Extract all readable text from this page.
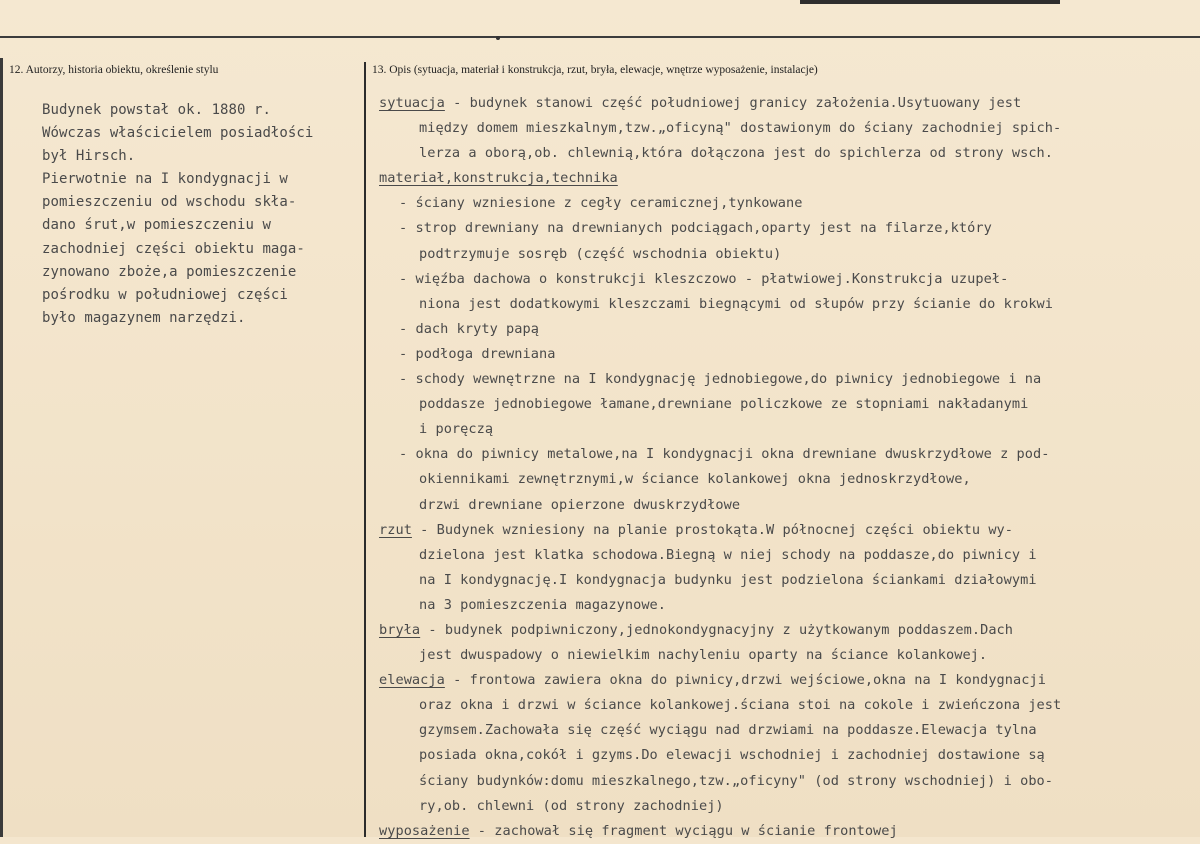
12. Autorzy, historia obiektu, określenie stylu	13. Opis (sytuacja, materiał i konstrukcja, rzut, bryła, elewacje, wnętrze wyposażenie, instalacje)
Budynek powstał ok. 1880 r.
Wówczas właścicielem posiadłości
był Hirsch.
Pierwotnie na I kondygnacji w
pomieszczeniu od wschodu skła-
dano śrut,w pomieszczeniu w
zachodniej części obiektu maga-
zynowano zboże,a pomieszczenie
pośrodku w południowej części
było magazynem narzędzi.
sytuacja - budynek stanowi część południowej granicy założenia.Usytuowany jest
między domem mieszkalnym,tzw.„oficyną" dostawionym do ściany zachodniej spich-
lerza a oborą,ob. chlewnią,która dołączona jest do spichlerza od strony wsch.
materiał,konstrukcja,technika
- ściany wzniesione z cegły ceramicznej,tynkowane
- strop drewniany na drewnianych podciągach,oparty jest na filarze,który
podtrzymuje sosręb (część wschodnia obiektu)
- więźba dachowa o konstrukcji kleszczowo - płatwiowej.Konstrukcja uzupeł-
niona jest dodatkowymi kleszczami biegnącymi od słupów przy ścianie do krokwi
- dach kryty papą
- podłoga drewniana
- schody wewnętrzne na I kondygnację jednobiegowe,do piwnicy jednobiegowe i na
poddasze jednobiegowe łamane,drewniane policzkowe ze stopniami nakładanymi
i poręczą
- okna do piwnicy metalowe,na I kondygnacji okna drewniane dwuskrzydłowe z pod-
okiennikami zewnętrznymi,w ściance kolankowej okna jednoskrzydłowe,
drzwi drewniane opierzone dwuskrzydłowe
rzut - Budynek wzniesiony na planie prostokąta.W północnej części obiektu wy-
dzielona jest klatka schodowa.Biegną w niej schody na poddasze,do piwnicy i
na I kondygnację.I kondygnacja budynku jest podzielona ściankami działowymi
na 3 pomieszczenia magazynowe.
bryła - budynek podpiwniczony,jednokondygnacyjny z użytkowanym poddaszem.Dach
jest dwuspadowy o niewielkim nachyleniu oparty na ściance kolankowej.
elewacja - frontowa zawiera okna do piwnicy,drzwi wejściowe,okna na I kondygnacji
oraz okna i drzwi w ściance kolankowej.ściana stoi na cokole i zwieńczona jest
gzymsem.Zachowała się część wyciągu nad drzwiami na poddasze.Elewacja tylna
posiada okna,cokół i gzyms.Do elewacji wschodniej i zachodniej dostawione są
ściany budynków:domu mieszkalnego,tzw.„oficyny" (od strony wschodniej) i obo-
ry,ob. chlewni (od strony zachodniej)
wyposażenie - zachował się fragment wyciągu w ścianie frontowej
